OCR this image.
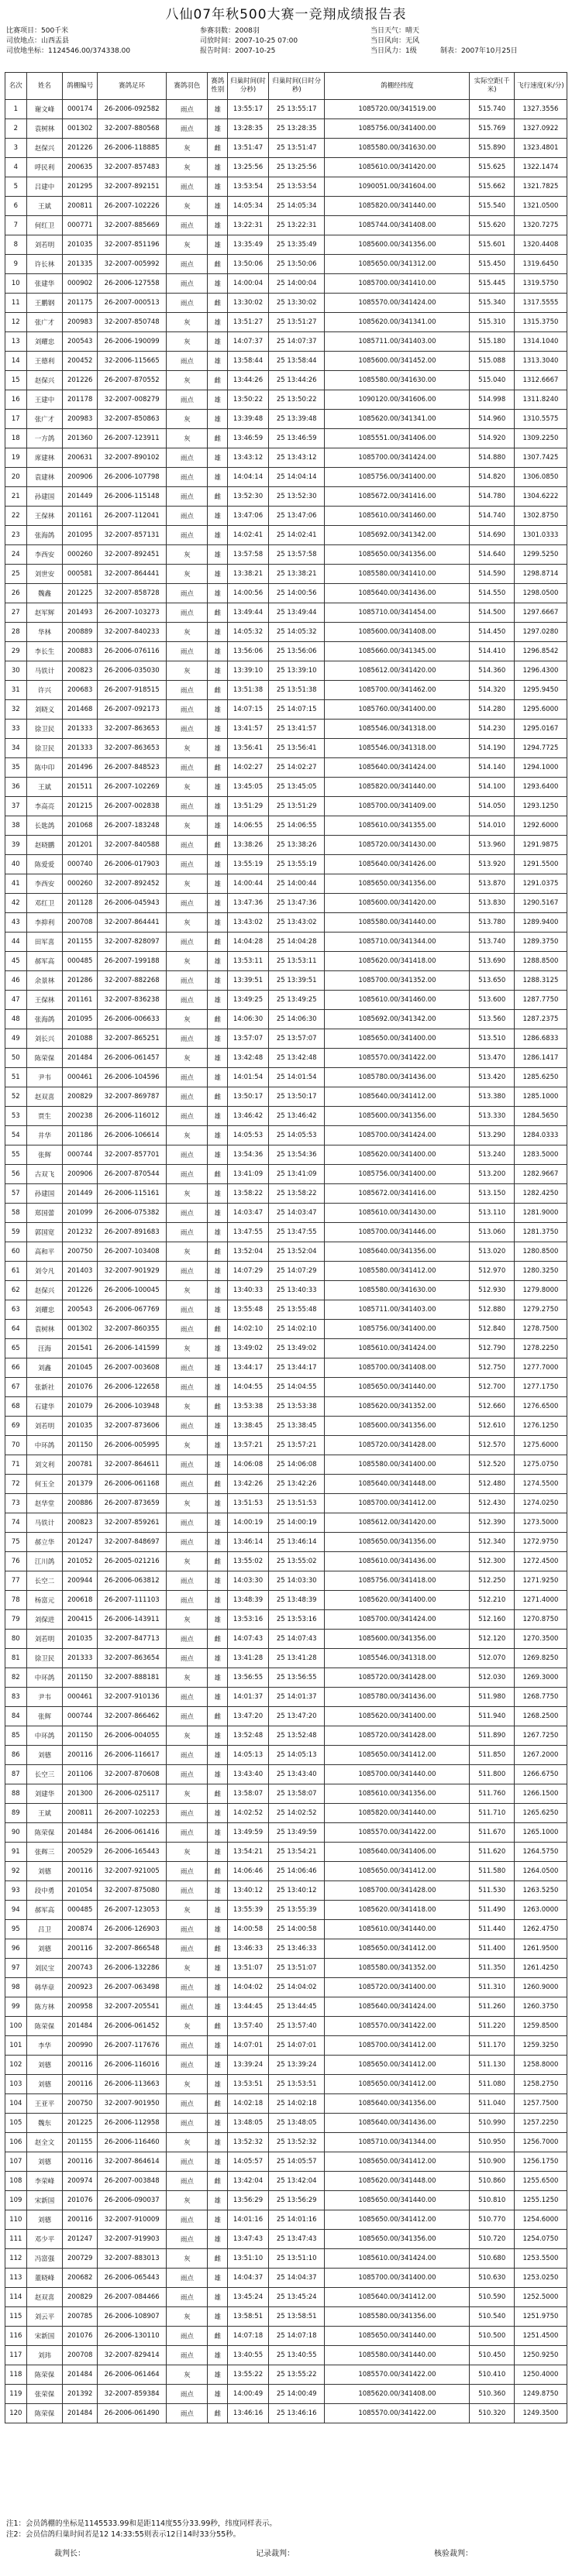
八仙07年秋500大赛一竞翔成绩报告表
比赛项目：500千米
司放地点：山西盂县
司放地坐标：1124546.00/374338.00
参赛羽数：2008羽
司放时间：2007-10-25 07:00
报告时间：2007-10-25
当日天气：晴天
当日风向：无风
当日风力：1级	制表：2007年10月25日
名次	姓名	鸽棚编号	赛鸽足环	赛鸽羽色	赛鸽性别	归巢时间(时分秒)	归巢时间(日时分秒)	鸽棚经纬度	实际空距(千米)	飞行速度(米/分)
1	谢文峰	000174	26-2006-092582	雨点	雄	13:55:17	25 13:55:17	1085720.00/341519.00	515.740	1327.3556
2	袁树林	001302	32-2007-880568	雨点	雄	13:28:35	25 13:28:35	1085756.00/341400.00	515.769	1327.0922
3	赵保兴	201226	26-2006-118885	灰	雌	13:51:47	25 13:51:47	1085580.00/341630.00	515.890	1323.4801
4	呼民利	200635	32-2007-857483	灰	雄	13:25:56	25 13:25:56	1085610.00/341420.00	515.625	1322.1474
5	吕建中	201295	32-2007-892151	雨点	雄	13:53:54	25 13:53:54	1090051.00/341604.00	515.662	1321.7825
6	王斌	200811	26-2007-102226	灰	雄	14:05:34	25 14:05:34	1085820.00/341440.00	515.540	1321.0500
7	何红卫	000771	32-2007-885669	雨点	雄	13:22:31	25 13:22:31	1085744.00/341408.00	515.620	1320.7275
8	刘若明	201035	32-2007-851196	灰	雄	13:35:49	25 13:35:49	1085600.00/341356.00	515.601	1320.4408
9	许长林	201335	32-2007-005992	雨点	雌	13:50:06	25 13:50:06	1085650.00/341312.00	515.450	1319.6450
10	张建华	000902	26-2006-127558	雨点	雄	14:00:04	25 14:00:04	1085700.00/341410.00	515.445	1319.5750
11	王鹏钢	201175	26-2007-000513	雨点	雌	13:30:02	25 13:30:02	1085570.00/341424.00	515.340	1317.5555
12	张广才	200983	32-2007-850748	灰	雄	13:51:27	25 13:51:27	1085620.00/341341.00	515.310	1315.3750
13	刘耀忠	200543	26-2006-190099	灰	雄	14:07:37	25 14:07:37	1085711.00/341403.00	515.180	1314.1040
14	王德利	200452	32-2006-115665	雨点	雄	13:58:44	25 13:58:44	1085600.00/341452.00	515.088	1313.3040
15	赵保兴	201226	26-2007-870552	灰	雌	13:44:26	25 13:44:26	1085580.00/341630.00	515.040	1312.6667
16	王建中	201178	32-2007-008279	雨点	雄	13:50:22	25 13:50:22	1090120.00/341606.00	514.998	1311.8240
17	张广才	200983	32-2007-850863	灰	雄	13:39:48	25 13:39:48	1085620.00/341341.00	514.960	1310.5575
18	一方鸽	201360	26-2007-123911	灰	雌	13:46:59	25 13:46:59	1085551.00/341406.00	514.920	1309.2250
19	席建林	200631	32-2007-890102	雨点	雄	13:43:12	25 13:43:12	1085700.00/341424.00	514.880	1307.7425
20	袁建林	200906	26-2006-107798	雨点	雄	14:04:14	25 14:04:14	1085756.00/341400.00	514.820	1306.0850
21	孙建国	201449	26-2006-115148	雨点	雌	13:52:30	25 13:52:30	1085672.00/341416.00	514.780	1304.6222
22	王保林	201161	26-2007-112041	雨点	雄	13:47:06	25 13:47:06	1085610.00/341460.00	514.740	1302.8750
23	张海鸽	201095	32-2007-857131	雨点	雄	14:02:41	25 14:02:41	1085692.00/341342.00	514.690	1301.0333
24	李西安	000260	32-2007-892451	灰	雄	13:57:58	25 13:57:58	1085650.00/341356.00	514.640	1299.5250
25	刘世安	000581	32-2007-864441	灰	雄	13:38:21	25 13:38:21	1085580.00/341410.00	514.590	1298.8714
26	魏鑫	201225	32-2007-858728	雨点	雄	14:00:56	25 14:00:56	1085640.00/341436.00	514.550	1298.0500
27	赵军辉	201493	26-2007-103273	雨点	雌	13:49:44	25 13:49:44	1085710.00/341454.00	514.500	1297.6667
28	华林	200889	32-2007-840233	灰	雄	14:05:32	25 14:05:32	1085600.00/341408.00	514.450	1297.0280
29	李长生	200883	26-2006-076116	雨点	雄	13:56:06	25 13:56:06	1085660.00/341345.00	514.410	1296.8542
30	马铁计	200823	26-2006-035030	灰	雄	13:39:10	25 13:39:10	1085612.00/341420.00	514.360	1296.4300
31	许兴	200683	26-2007-918515	雨点	雌	13:51:38	25 13:51:38	1085700.00/341462.00	514.320	1295.9450
32	刘晓义	201468	26-2007-092173	雨点	雄	14:07:15	25 14:07:15	1085760.00/341400.00	514.280	1295.6000
33	徐卫民	201333	32-2007-863653	雨点	雄	13:41:57	25 13:41:57	1085546.00/341318.00	514.230	1295.0167
34	徐卫民	201333	32-2007-863653	灰	雄	13:56:41	25 13:56:41	1085546.00/341318.00	514.190	1294.7725
35	陈中印	201496	26-2007-848523	雨点	雌	14:02:27	25 14:02:27	1085640.00/341424.00	514.140	1294.1000
36	王斌	201511	26-2007-102269	灰	雄	13:45:05	25 13:45:05	1085820.00/341440.00	514.100	1293.6400
37	李高亮	201215	26-2007-002838	雨点	雄	13:51:29	25 13:51:29	1085700.00/341409.00	514.050	1293.1250
38	长匙鸽	201068	26-2007-183248	灰	雄	14:06:55	25 14:06:55	1085610.00/341355.00	514.010	1292.6000
39	赵晓鹏	201201	32-2007-840588	雨点	雌	13:38:26	25 13:38:26	1085720.00/341430.00	513.960	1291.9875
40	陈爱爱	000740	26-2006-017903	雨点	雄	13:55:19	25 13:55:19	1085640.00/341426.00	513.920	1291.5500
41	李西安	000260	32-2007-892452	灰	雄	14:00:44	25 14:00:44	1085650.00/341356.00	513.870	1291.0375
42	邓红卫	201128	26-2006-045943	雨点	雄	13:47:36	25 13:47:36	1085600.00/341420.00	513.830	1290.5167
43	李抑利	200708	32-2007-864441	灰	雄	13:43:02	25 13:43:02	1085580.00/341440.00	513.780	1289.9400
44	田军喜	201155	32-2007-828097	雨点	雌	14:04:28	25 14:04:28	1085710.00/341344.00	513.740	1289.3750
45	郝军高	000485	26-2007-199188	灰	雄	13:53:11	25 13:53:11	1085620.00/341418.00	513.690	1288.8500
46	余景林	201286	32-2007-882268	雨点	雄	13:39:51	25 13:39:51	1085700.00/341352.00	513.650	1288.3125
47	王保林	201161	32-2007-836238	雨点	雄	13:49:25	25 13:49:25	1085610.00/341460.00	513.600	1287.7750
48	张海鸽	201095	26-2006-006633	灰	雌	14:06:30	25 14:06:30	1085692.00/341342.00	513.560	1287.2375
49	刘长兴	201088	32-2007-865251	雨点	雄	13:57:07	25 13:57:07	1085650.00/341400.00	513.510	1286.6833
50	陈荣保	201484	26-2006-061457	灰	雄	13:42:48	25 13:42:48	1085570.00/341422.00	513.470	1286.1417
51	尹韦	000461	26-2006-104596	雨点	雄	14:01:54	25 14:01:54	1085780.00/341436.00	513.420	1285.6250
52	赵双喜	200829	32-2007-869787	雨点	雌	13:50:17	25 13:50:17	1085640.00/341412.00	513.380	1285.1000
53	贾生	200238	26-2006-116012	雨点	雄	13:46:42	25 13:46:42	1085600.00/341356.00	513.330	1284.5650
54	井华	201186	26-2006-106614	灰	雄	14:05:53	25 14:05:53	1085700.00/341424.00	513.290	1284.0333
55	张辉	000744	32-2007-857701	雨点	雄	13:54:36	25 13:54:36	1085620.00/341400.00	513.240	1283.5000
56	古双飞	200906	26-2007-870544	雨点	雌	13:41:09	25 13:41:09	1085756.00/341400.00	513.200	1282.9667
57	孙建国	201449	26-2006-115161	灰	雄	13:58:22	25 13:58:22	1085672.00/341416.00	513.150	1282.4250
58	郑国蕾	201099	26-2006-075382	雨点	雄	14:03:47	25 14:03:47	1085610.00/341430.00	513.110	1281.9000
59	郭国宽	201232	26-2007-891683	雨点	雄	13:47:55	25 13:47:55	1085700.00/341446.00	513.060	1281.3750
60	高和平	200750	26-2007-103408	灰	雌	13:52:04	25 13:52:04	1085640.00/341356.00	513.020	1280.8500
61	刘令凡	201403	32-2007-901929	雨点	雄	14:07:29	25 14:07:29	1085580.00/341412.00	512.970	1280.3250
62	赵保兴	201226	26-2006-100045	灰	雄	13:40:33	25 13:40:33	1085580.00/341630.00	512.930	1279.8000
63	刘耀忠	200543	26-2006-067769	雨点	雄	13:55:48	25 13:55:48	1085711.00/341403.00	512.880	1279.2750
64	袁树林	001302	32-2007-860355	雨点	雌	14:02:10	25 14:02:10	1085756.00/341400.00	512.840	1278.7500
65	汪海	201541	26-2006-141599	灰	雄	13:49:02	25 13:49:02	1085610.00/341424.00	512.790	1278.2250
66	刘鑫	201045	26-2007-003608	雨点	雄	13:44:17	25 13:44:17	1085700.00/341408.00	512.750	1277.7000
67	张新社	201076	26-2006-122658	雨点	雄	14:04:55	25 14:04:55	1085650.00/341440.00	512.700	1277.1750
68	石建华	201079	26-2006-103948	灰	雌	13:53:38	25 13:53:38	1085620.00/341352.00	512.660	1276.6500
69	刘若明	201035	32-2007-873606	雨点	雄	13:38:45	25 13:38:45	1085600.00/341356.00	512.610	1276.1250
70	中环鸽	201150	26-2006-005995	灰	雄	13:57:21	25 13:57:21	1085720.00/341428.00	512.570	1275.6000
71	刘文利	200781	32-2007-864611	雨点	雄	14:06:08	25 14:06:08	1085580.00/341400.00	512.520	1275.0750
72	何玉全	201379	26-2006-061168	雨点	雌	13:42:26	25 13:42:26	1085640.00/341448.00	512.480	1274.5500
73	赵华堂	200886	26-2007-873659	灰	雄	13:51:53	25 13:51:53	1085700.00/341412.00	512.430	1274.0250
74	马铁计	200823	32-2007-859261	雨点	雄	14:00:19	25 14:00:19	1085612.00/341420.00	512.390	1273.5000
75	郝立华	201247	32-2007-848697	雨点	雄	13:46:14	25 13:46:14	1085650.00/341356.00	512.340	1272.9750
76	江川鸽	201052	26-2005-021216	灰	雌	13:55:02	25 13:55:02	1085610.00/341436.00	512.300	1272.4500
77	长空二	200944	26-2006-063812	雨点	雄	14:03:30	25 14:03:30	1085756.00/341418.00	512.250	1271.9250
78	杨富元	200618	26-2007-111103	雨点	雄	13:48:39	25 13:48:39	1085620.00/341400.00	512.210	1271.4000
79	刘保进	200415	26-2006-143911	灰	雄	13:53:16	25 13:53:16	1085700.00/341424.00	512.160	1270.8750
80	刘若明	201035	32-2007-847713	雨点	雌	14:07:43	25 14:07:43	1085600.00/341356.00	512.120	1270.3500
81	徐卫民	201333	32-2007-863654	雨点	雄	13:41:28	25 13:41:28	1085546.00/341318.00	512.070	1269.8250
82	中环鸽	201150	32-2007-888181	灰	雄	13:56:55	25 13:56:55	1085720.00/341428.00	512.030	1269.3000
83	尹韦	000461	32-2007-910136	雨点	雄	14:01:37	25 14:01:37	1085780.00/341436.00	511.980	1268.7750
84	张辉	000744	32-2007-866462	雨点	雌	13:47:20	25 13:47:20	1085620.00/341400.00	511.940	1268.2500
85	中环鸽	201150	26-2006-004055	灰	雄	13:52:48	25 13:52:48	1085720.00/341428.00	511.890	1267.7250
86	刘德	200116	26-2006-116617	雨点	雄	14:05:13	25 14:05:13	1085650.00/341412.00	511.850	1267.2000
87	长空三	201106	32-2007-870608	雨点	雄	13:43:40	25 13:43:40	1085700.00/341440.00	511.800	1266.6750
88	刘建华	201300	26-2006-025117	灰	雌	13:58:07	25 13:58:07	1085610.00/341356.00	511.760	1266.1500
89	王斌	200811	26-2007-102253	雨点	雄	14:02:52	25 14:02:52	1085820.00/341440.00	511.710	1265.6250
90	陈荣保	201484	26-2006-061416	雨点	雄	13:49:59	25 13:49:59	1085570.00/341422.00	511.670	1265.1000
91	张辉三	200529	26-2006-165443	灰	雄	13:54:21	25 13:54:21	1085640.00/341406.00	511.620	1264.5750
92	刘德	200116	32-2007-921005	雨点	雌	14:06:46	25 14:06:46	1085650.00/341412.00	511.580	1264.0500
93	段中勇	201054	32-2007-875080	雨点	雄	13:40:12	25 13:40:12	1085700.00/341428.00	511.530	1263.5250
94	郝军高	000485	26-2007-123053	灰	雄	13:55:39	25 13:55:39	1085620.00/341418.00	511.490	1263.0000
95	吕卫	200874	26-2006-126903	雨点	雄	14:00:58	25 14:00:58	1085610.00/341440.00	511.440	1262.4750
96	刘德	200116	32-2007-866548	雨点	雌	13:46:33	25 13:46:33	1085650.00/341412.00	511.400	1261.9500
97	刘民宝	200743	26-2006-132286	灰	雄	13:51:07	25 13:51:07	1085580.00/341352.00	511.350	1261.4250
98	韩华章	200923	26-2007-063498	雨点	雄	14:04:02	25 14:04:02	1085720.00/341400.00	511.310	1260.9000
99	陈方林	200958	32-2007-205541	雨点	雄	13:44:45	25 13:44:45	1085640.00/341424.00	511.260	1260.3750
100	陈荣保	201484	26-2006-061452	灰	雌	13:57:40	25 13:57:40	1085570.00/341422.00	511.220	1259.8500
101	李华	200990	26-2007-117676	雨点	雄	14:07:01	25 14:07:01	1085700.00/341412.00	511.170	1259.3250
102	刘德	200116	26-2006-116016	雨点	雄	13:39:24	25 13:39:24	1085650.00/341412.00	511.130	1258.8000
103	刘德	200116	26-2006-113663	灰	雄	13:53:51	25 13:53:51	1085650.00/341412.00	511.080	1258.2750
104	王亚平	200750	32-2007-901950	雨点	雌	14:02:18	25 14:02:18	1085640.00/341356.00	511.040	1257.7500
105	魏东	201225	26-2006-112958	雨点	雄	13:48:05	25 13:48:05	1085640.00/341436.00	510.990	1257.2250
106	赵全文	201155	26-2006-116460	灰	雄	13:52:32	25 13:52:32	1085710.00/341344.00	510.950	1256.7000
107	刘德	200116	32-2007-864614	雨点	雄	14:05:57	25 14:05:57	1085650.00/341412.00	510.900	1256.1750
108	李荣峰	200974	26-2007-003848	雨点	雌	13:42:04	25 13:42:04	1085620.00/341448.00	510.860	1255.6500
109	宋新国	201076	26-2006-090037	灰	雄	13:56:29	25 13:56:29	1085650.00/341440.00	510.810	1255.1250
110	刘德	200116	32-2007-910009	雨点	雄	14:01:16	25 14:01:16	1085650.00/341412.00	510.770	1254.6000
111	邓少平	201247	32-2007-919903	雨点	雄	13:47:43	25 13:47:43	1085650.00/341356.00	510.720	1254.0750
112	冯富强	200729	32-2007-883013	灰	雌	13:51:10	25 13:51:10	1085610.00/341424.00	510.680	1253.5500
113	董晓峰	200682	26-2006-065443	雨点	雄	14:04:37	25 14:04:37	1085700.00/341400.00	510.630	1253.0250
114	赵双喜	200829	26-2007-084466	雨点	雄	13:45:24	25 13:45:24	1085640.00/341412.00	510.590	1252.5000
115	刘云平	200785	26-2006-108907	灰	雄	13:58:51	25 13:58:51	1085580.00/341356.00	510.540	1251.9750
116	宋新国	201076	26-2006-130110	雨点	雌	14:07:18	25 14:07:18	1085650.00/341440.00	510.500	1251.4500
117	刘玮	200708	32-2007-829414	雨点	雄	13:40:55	25 13:40:55	1085580.00/341440.00	510.450	1250.9250
118	陈荣保	201484	26-2006-061464	灰	雄	13:55:22	25 13:55:22	1085570.00/341422.00	510.410	1250.4000
119	张荣保	201392	32-2007-859384	雨点	雄	14:00:49	25 14:00:49	1085620.00/341408.00	510.360	1249.8750
120	陈荣保	201484	26-2006-061490	雨点	雌	13:46:16	25 13:46:16	1085570.00/341422.00	510.320	1249.3500
注1：会员鸽棚的坐标是1145533.99和是距114度55分33.99秒，纬度同样表示。
注2：会员信鸽归巢时间若是12 14:33:55则表示12日14时33分55秒。
裁判长：	记录裁判：	核验裁判：
